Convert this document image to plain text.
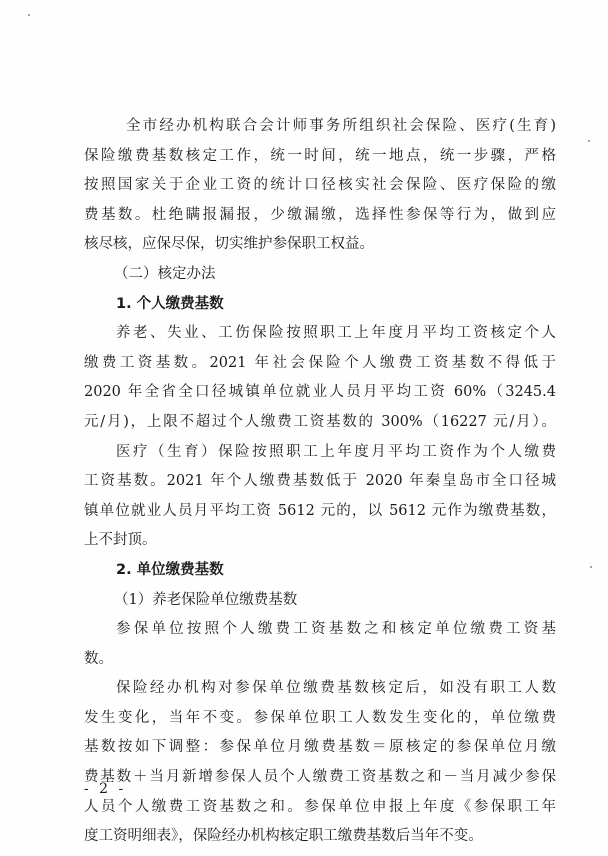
全市经办机构联合会计师事务所组织社会保险、医疗(生育)
保险缴费基数核定工作，统一时间，统一地点，统一步骤，严格
按照国家关于企业工资的统计口径核实社会保险、医疗保险的缴
费基数。杜绝瞒报漏报，少缴漏缴，选择性参保等行为，做到应
核尽核，应保尽保，切实维护参保职工权益。
（二）核定办法
1. 个人缴费基数
养老、失业、工伤保险按照职工上年度月平均工资核定个人
缴费工资基数。2021 年社会保险个人缴费工资基数不得低于
2020 年全省全口径城镇单位就业人员月平均工资 60%（3245.4
元/月)，上限不超过个人缴费工资基数的 300%（16227 元/月）。
医疗（生育）保险按照职工上年度月平均工资作为个人缴费
工资基数。2021 年个人缴费基数低于 2020 年秦皇岛市全口径城
镇单位就业人员月平均工资 5612 元的，以 5612 元作为缴费基数，
上不封顶。
2. 单位缴费基数
（1）养老保险单位缴费基数
参保单位按照个人缴费工资基数之和核定单位缴费工资基
数。
保险经办机构对参保单位缴费基数核定后，如没有职工人数
发生变化，当年不变。参保单位职工人数发生变化的，单位缴费
基数按如下调整：参保单位月缴费基数＝原核定的参保单位月缴
费基数＋当月新增参保人员个人缴费工资基数之和－当月减少参保
人员个人缴费工资基数之和。参保单位申报上年度《参保职工年
度工资明细表》，保险经办机构核定职工缴费基数后当年不变。
- 2 -
